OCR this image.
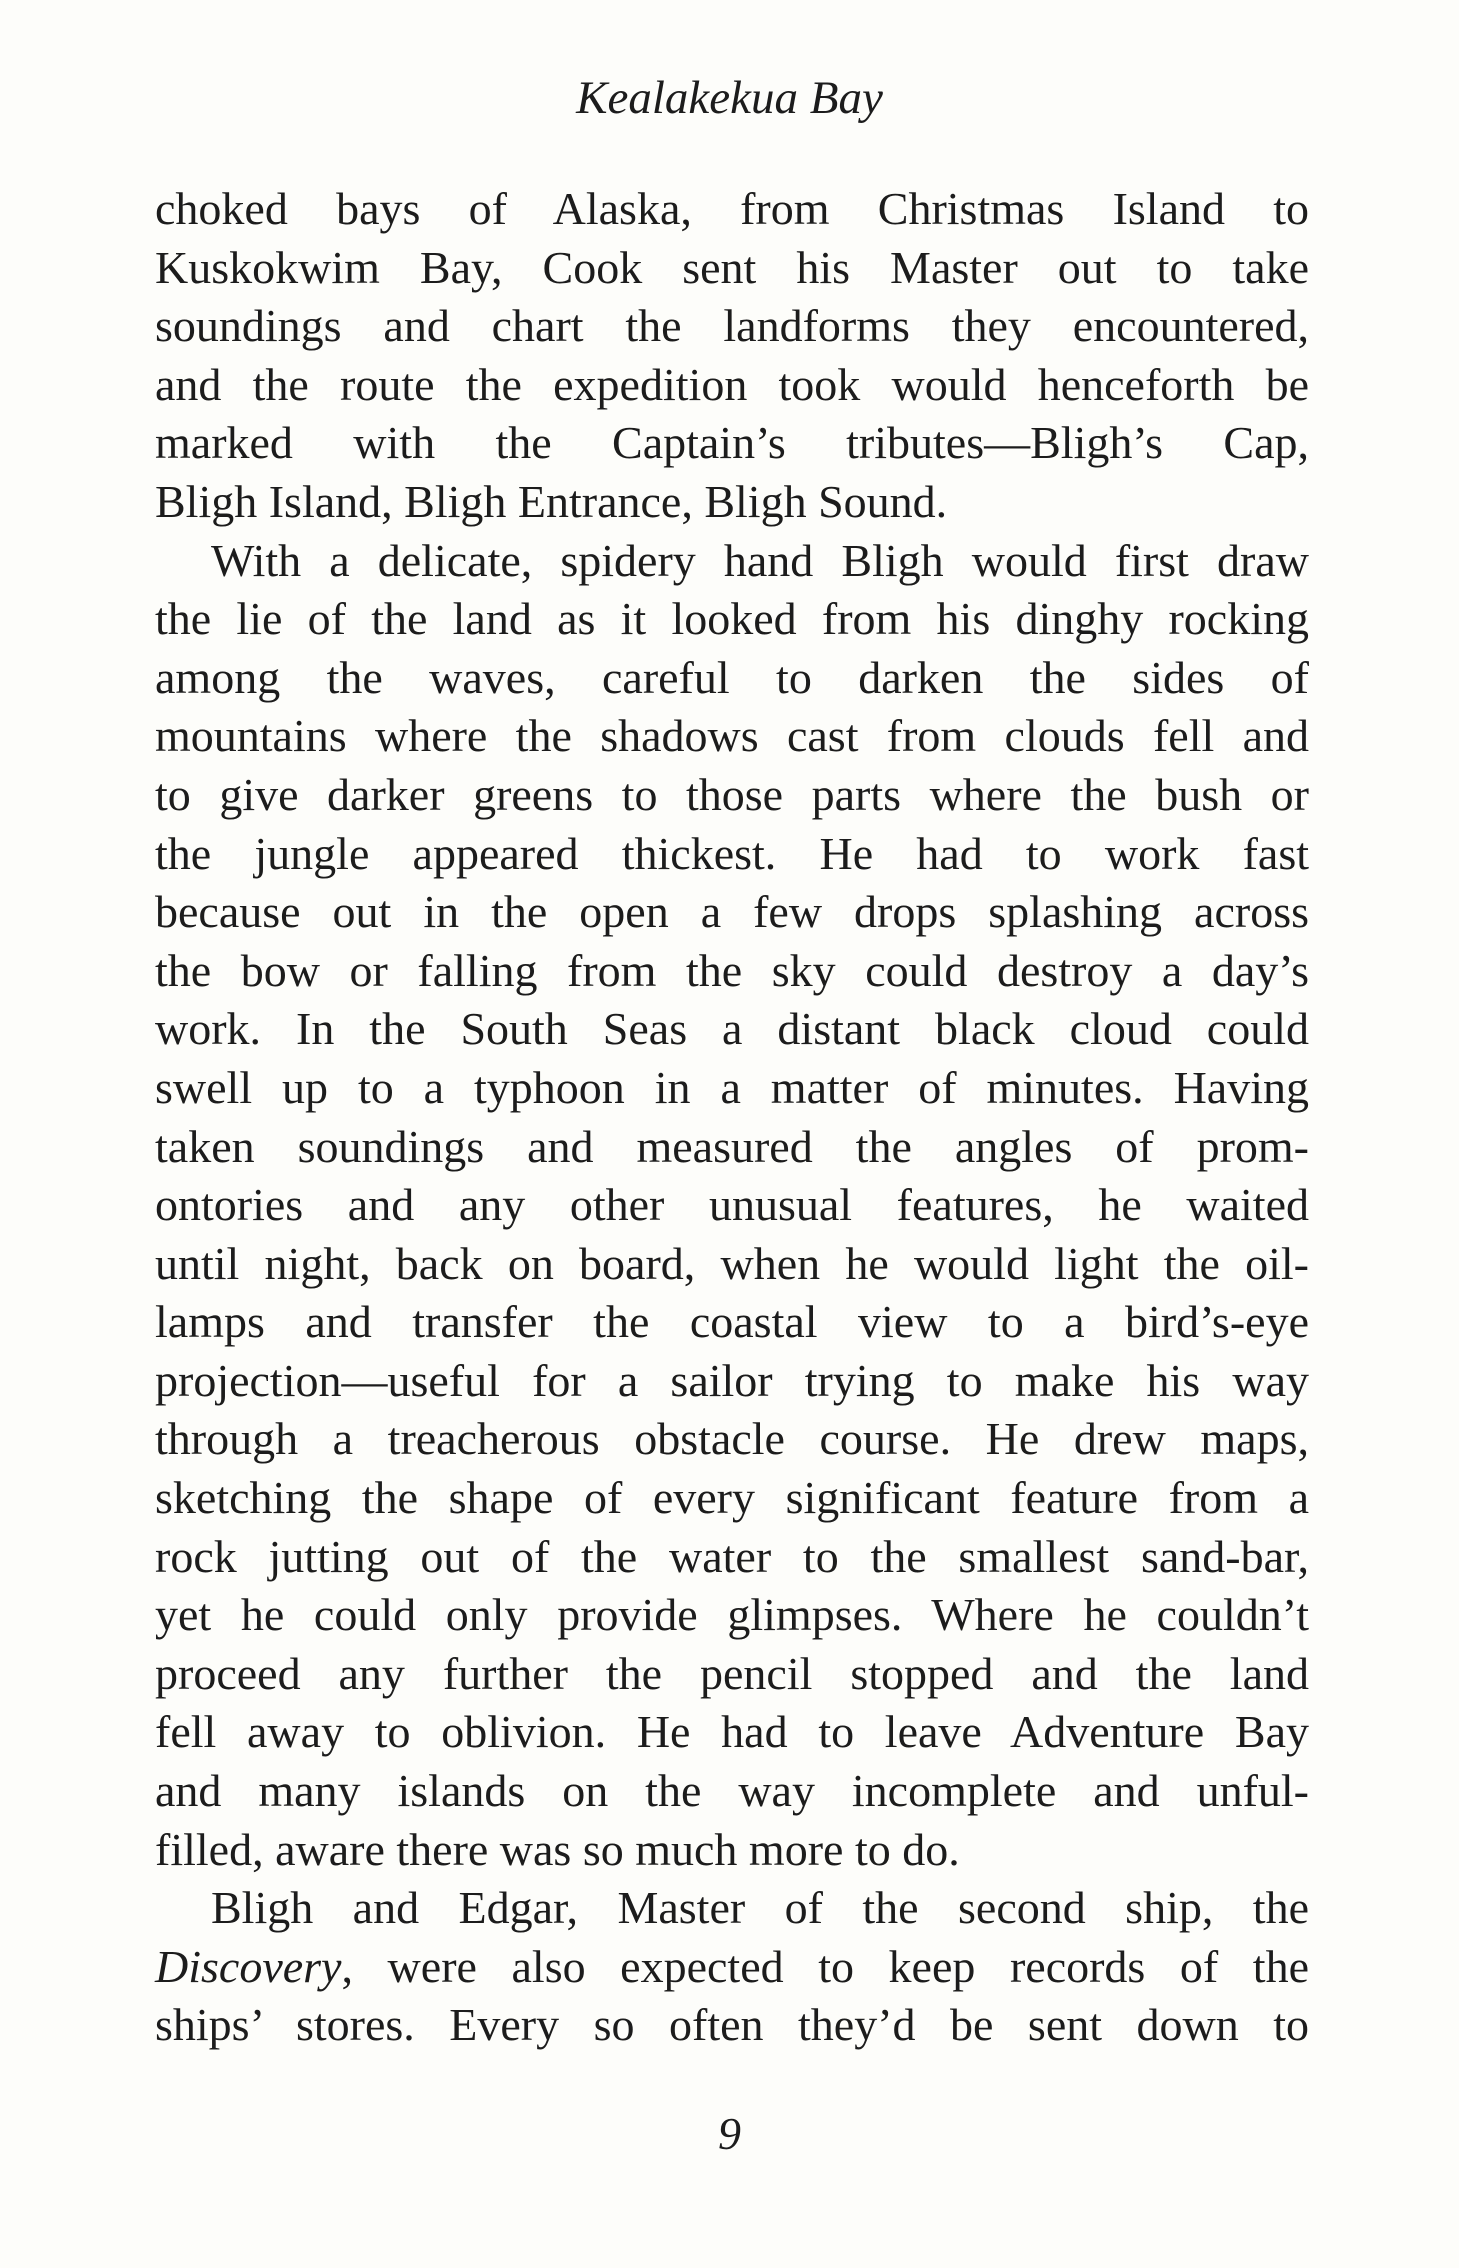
Kealakekua Bay
choked bays of Alaska, from Christmas Island to
Kuskokwim Bay, Cook sent his Master out to take
soundings and chart the landforms they encountered,
and the route the expedition took would henceforth be
marked with the Captain’s tributes—Bligh’s Cap,
Bligh Island, Bligh Entrance, Bligh Sound.
With a delicate, spidery hand Bligh would first draw
the lie of the land as it looked from his dinghy rocking
among the waves, careful to darken the sides of
mountains where the shadows cast from clouds fell and
to give darker greens to those parts where the bush or
the jungle appeared thickest. He had to work fast
because out in the open a few drops splashing across
the bow or falling from the sky could destroy a day’s
work. In the South Seas a distant black cloud could
swell up to a typhoon in a matter of minutes. Having
taken soundings and measured the angles of prom-
ontories and any other unusual features, he waited
until night, back on board, when he would light the oil-
lamps and transfer the coastal view to a bird’s-eye
projection—useful for a sailor trying to make his way
through a treacherous obstacle course. He drew maps,
sketching the shape of every significant feature from a
rock jutting out of the water to the smallest sand-bar,
yet he could only provide glimpses. Where he couldn’t
proceed any further the pencil stopped and the land
fell away to oblivion. He had to leave Adventure Bay
and many islands on the way incomplete and unful-
filled, aware there was so much more to do.
Bligh and Edgar, Master of the second ship, the
Discovery, were also expected to keep records of the
ships’ stores. Every so often they’d be sent down to
9
